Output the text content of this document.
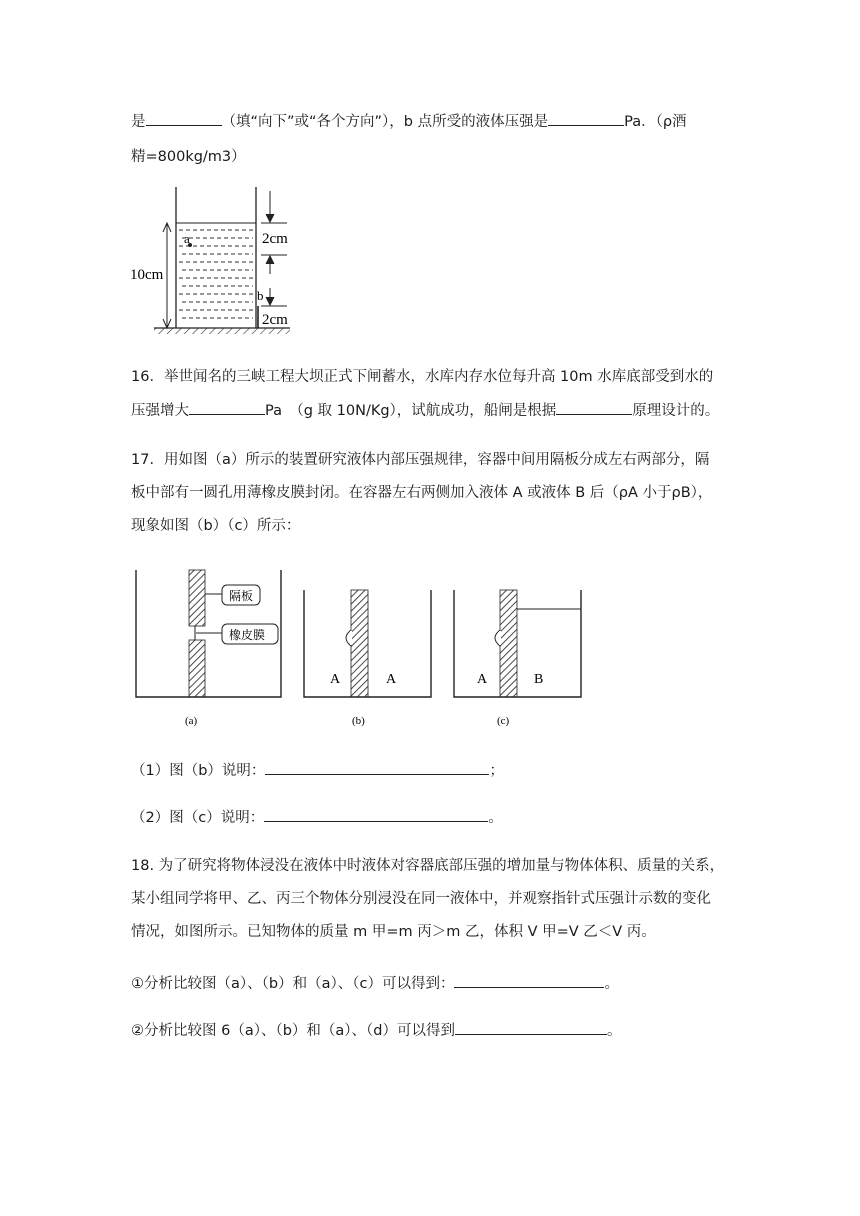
是	（填“向下”或“各个方向”），b 点所受的液体压强是	Pa．（ρ酒
精=800kg/m3）
a
b
10cm
2cm
2cm
16．举世闻名的三峡工程大坝正式下闸蓄水，水库内存水位每升高 10m 水库底部受到水的
压强增大	Pa　（g 取 10N/Kg），试航成功，船闸是根据	原理设计的。
17．用如图（a）所示的装置研究液体内部压强规律，容器中间用隔板分成左右两部分，隔
板中部有一圆孔用薄橡皮膜封闭。在容器左右两侧加入液体 A 或液体 B 后（ρA 小于ρB），
现象如图（b）（c）所示：
隔板
橡皮膜
(a)
A	A
(b)
A	B
(c)
（1）图（b）说明：	；
（2）图（c）说明：	。
18. 为了研究将物体浸没在液体中时液体对容器底部压强的增加量与物体体积、质量的关系，
某小组同学将甲、乙、丙三个物体分别浸没在同一液体中，并观察指针式压强计示数的变化
情况，如图所示。已知物体的质量 m 甲=m 丙＞m 乙，体积 V 甲=V 乙＜V 丙。
①分析比较图（a）、（b）和（a）、（c）可以得到：	。
②分析比较图 6（a）、（b）和（a）、（d）可以得到	。
